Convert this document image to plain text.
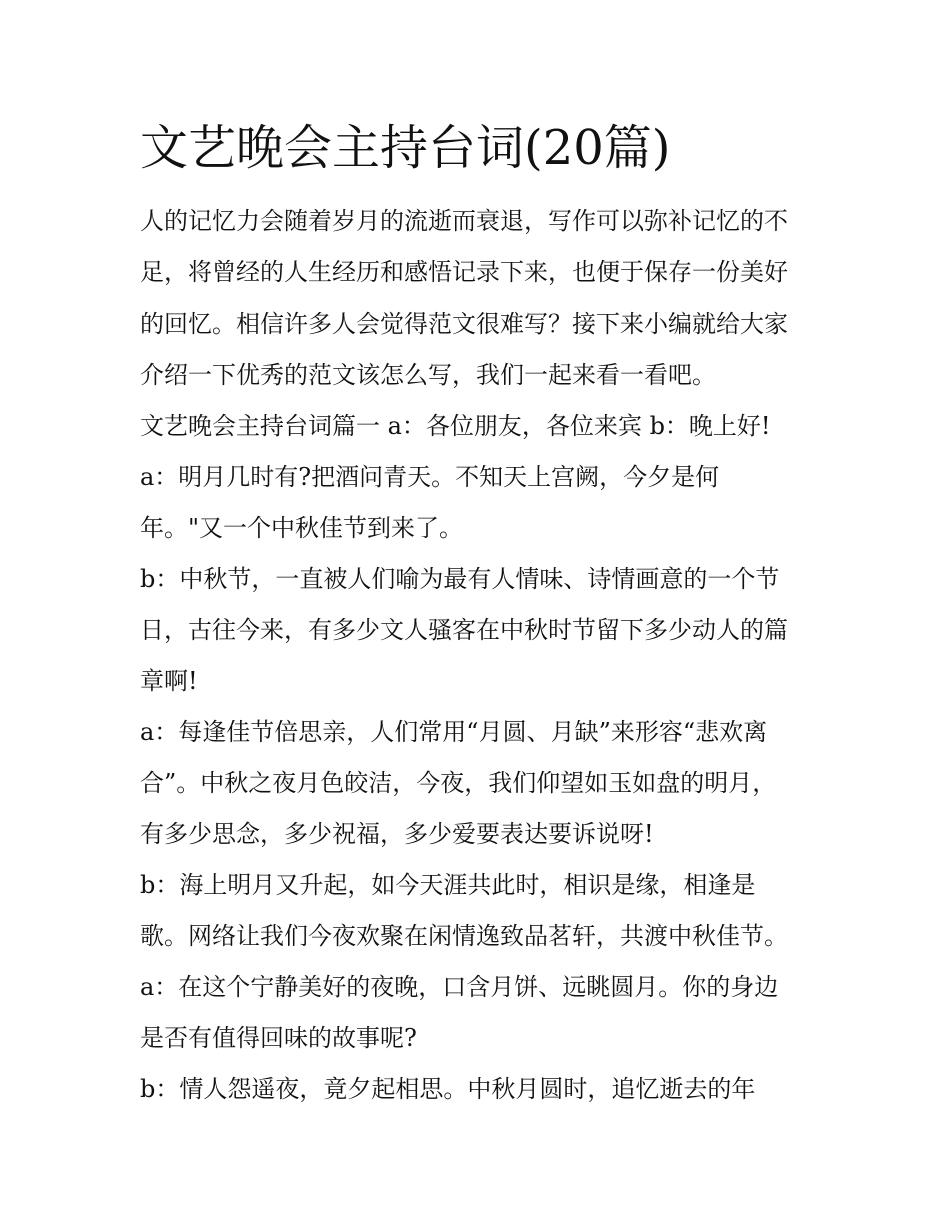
文艺晚会主持台词(20篇)

人的记忆力会随着岁月的流逝而衰退，写作可以弥补记忆的不

足，将曾经的人生经历和感悟记录下来，也便于保存一份美好

的回忆。相信许多人会觉得范文很难写？接下来小编就给大家

介绍一下优秀的范文该怎么写，我们一起来看一看吧。

文艺晚会主持台词篇一 a：各位朋友，各位来宾 b：晚上好!

a：明月几时有?把酒问青天。不知天上宫阙，今夕是何

年。"又一个中秋佳节到来了。

b：中秋节，一直被人们喻为最有人情味、诗情画意的一个节

日，古往今来，有多少文人骚客在中秋时节留下多少动人的篇

章啊!

a：每逢佳节倍思亲，人们常用“月圆、月缺”来形容“悲欢离

合”。中秋之夜月色皎洁，今夜，我们仰望如玉如盘的明月，

有多少思念，多少祝福，多少爱要表达要诉说呀!

b：海上明月又升起，如今天涯共此时，相识是缘，相逢是

歌。网络让我们今夜欢聚在闲情逸致品茗轩，共渡中秋佳节。

a：在这个宁静美好的夜晚，口含月饼、远眺圆月。你的身边

是否有值得回味的故事呢?

b：情人怨遥夜，竟夕起相思。中秋月圆时，追忆逝去的年
